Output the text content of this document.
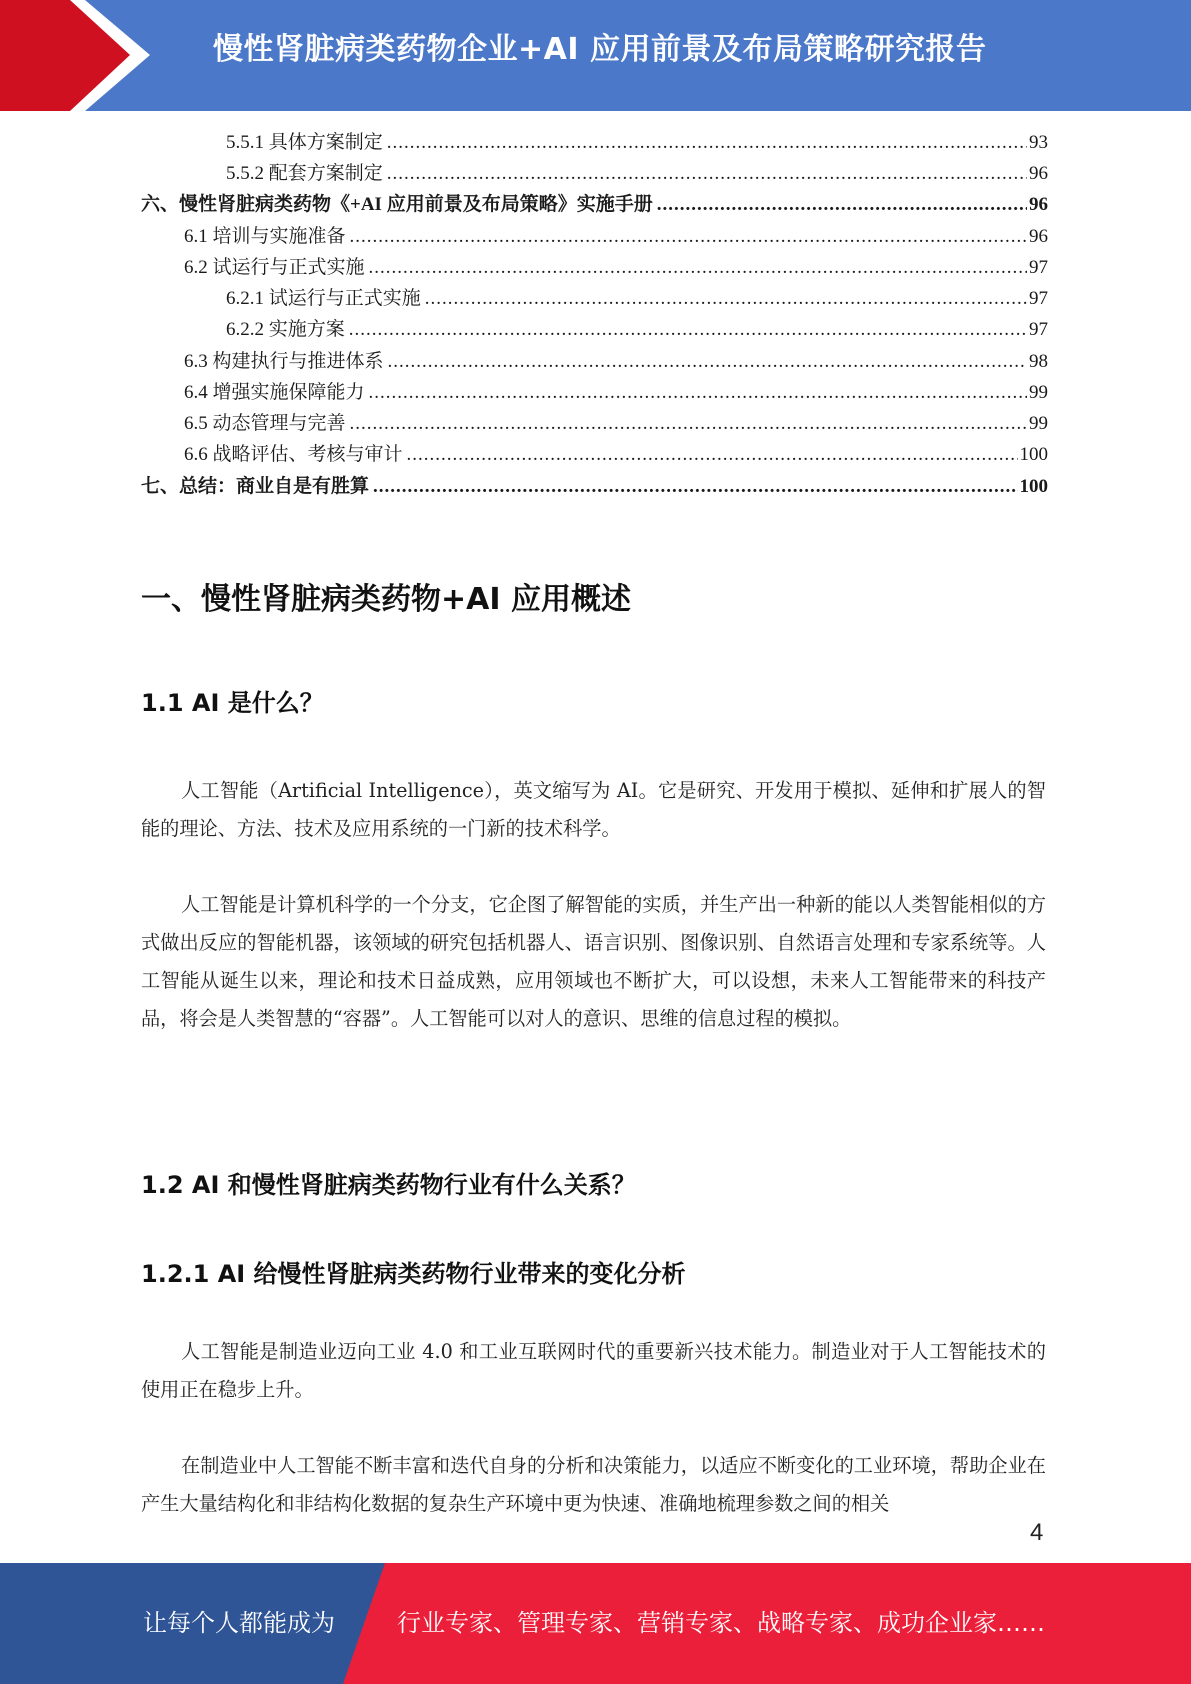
慢性肾脏病类药物企业+AI 应用前景及布局策略研究报告
5.5.1 具体方案制定 .....	93
5.5.2 配套方案制定 .....	96
六、慢性肾脏病类药物《+AI 应用前景及布局策略》实施手册 .....	96
6.1 培训与实施准备 .....	96
6.2 试运行与正式实施 .....	97
6.2.1 试运行与正式实施 .....	97
6.2.2 实施方案 .....	97
6.3 构建执行与推进体系 .....	98
6.4 增强实施保障能力 .....	99
6.5 动态管理与完善 .....	99
6.6 战略评估、考核与审计 .....	100
七、总结：商业自是有胜算 .....	100
一、慢性肾脏病类药物+AI 应用概述
1.1 AI 是什么？

人工智能（Artificial Intelligence），英文缩写为 AI。它是研究、开发用于模拟、延伸和扩展人的智能的理论、方法、技术及应用系统的一门新的技术科学。

人工智能是计算机科学的一个分支，它企图了解智能的实质，并生产出一种新的能以人类智能相似的方式做出反应的智能机器，该领域的研究包括机器人、语言识别、图像识别、自然语言处理和专家系统等。人工智能从诞生以来，理论和技术日益成熟，应用领域也不断扩大，可以设想，未来人工智能带来的科技产品，将会是人类智慧的“容器”。人工智能可以对人的意识、思维的信息过程的模拟。

1.2 AI 和慢性肾脏病类药物行业有什么关系？
1.2.1 AI 给慢性肾脏病类药物行业带来的变化分析

人工智能是制造业迈向工业 4.0 和工业互联网时代的重要新兴技术能力。制造业对于人工智能技术的使用正在稳步上升。

在制造业中人工智能不断丰富和迭代自身的分析和决策能力，以适应不断变化的工业环境，帮助企业在产生大量结构化和非结构化数据的复杂生产环境中更为快速、准确地梳理参数之间的相关

4
让每个人都能成为	行业专家、管理专家、营销专家、战略专家、成功企业家……
